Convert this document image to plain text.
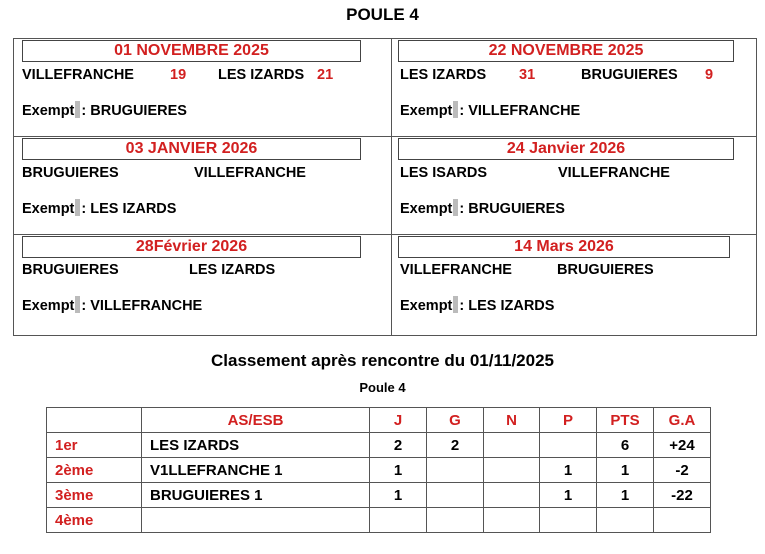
POULE 4
01 NOVEMBRE 2025
VILLEFRANCHE 19 LES IZARDS 21
Exempt : BRUGUIERES
22 NOVEMBRE 2025
LES IZARDS 31	BRUGUIERES 9
Exempt : VILLEFRANCHE
03 JANVIER 2026
BRUGUIERES	VILLEFRANCHE
Exempt : LES IZARDS
24 Janvier 2026
LES ISARDS	VILLEFRANCHE
Exempt : BRUGUIERES
28Février 2026
BRUGUIERES	LES IZARDS
Exempt : VILLEFRANCHE
14 Mars 2026
VILLEFRANCHE	BRUGUIERES
Exempt : LES IZARDS
Classement après rencontre du 01/11/2025
Poule 4
	AS/ESB	J	G	N	P	PTS	G.A
1er	LES IZARDS	2	2			6	+24
2ème	V1LLEFRANCHE 1	1			1	1	-2
3ème	BRUGUIERES 1	1			1	1	-22
4ème							
